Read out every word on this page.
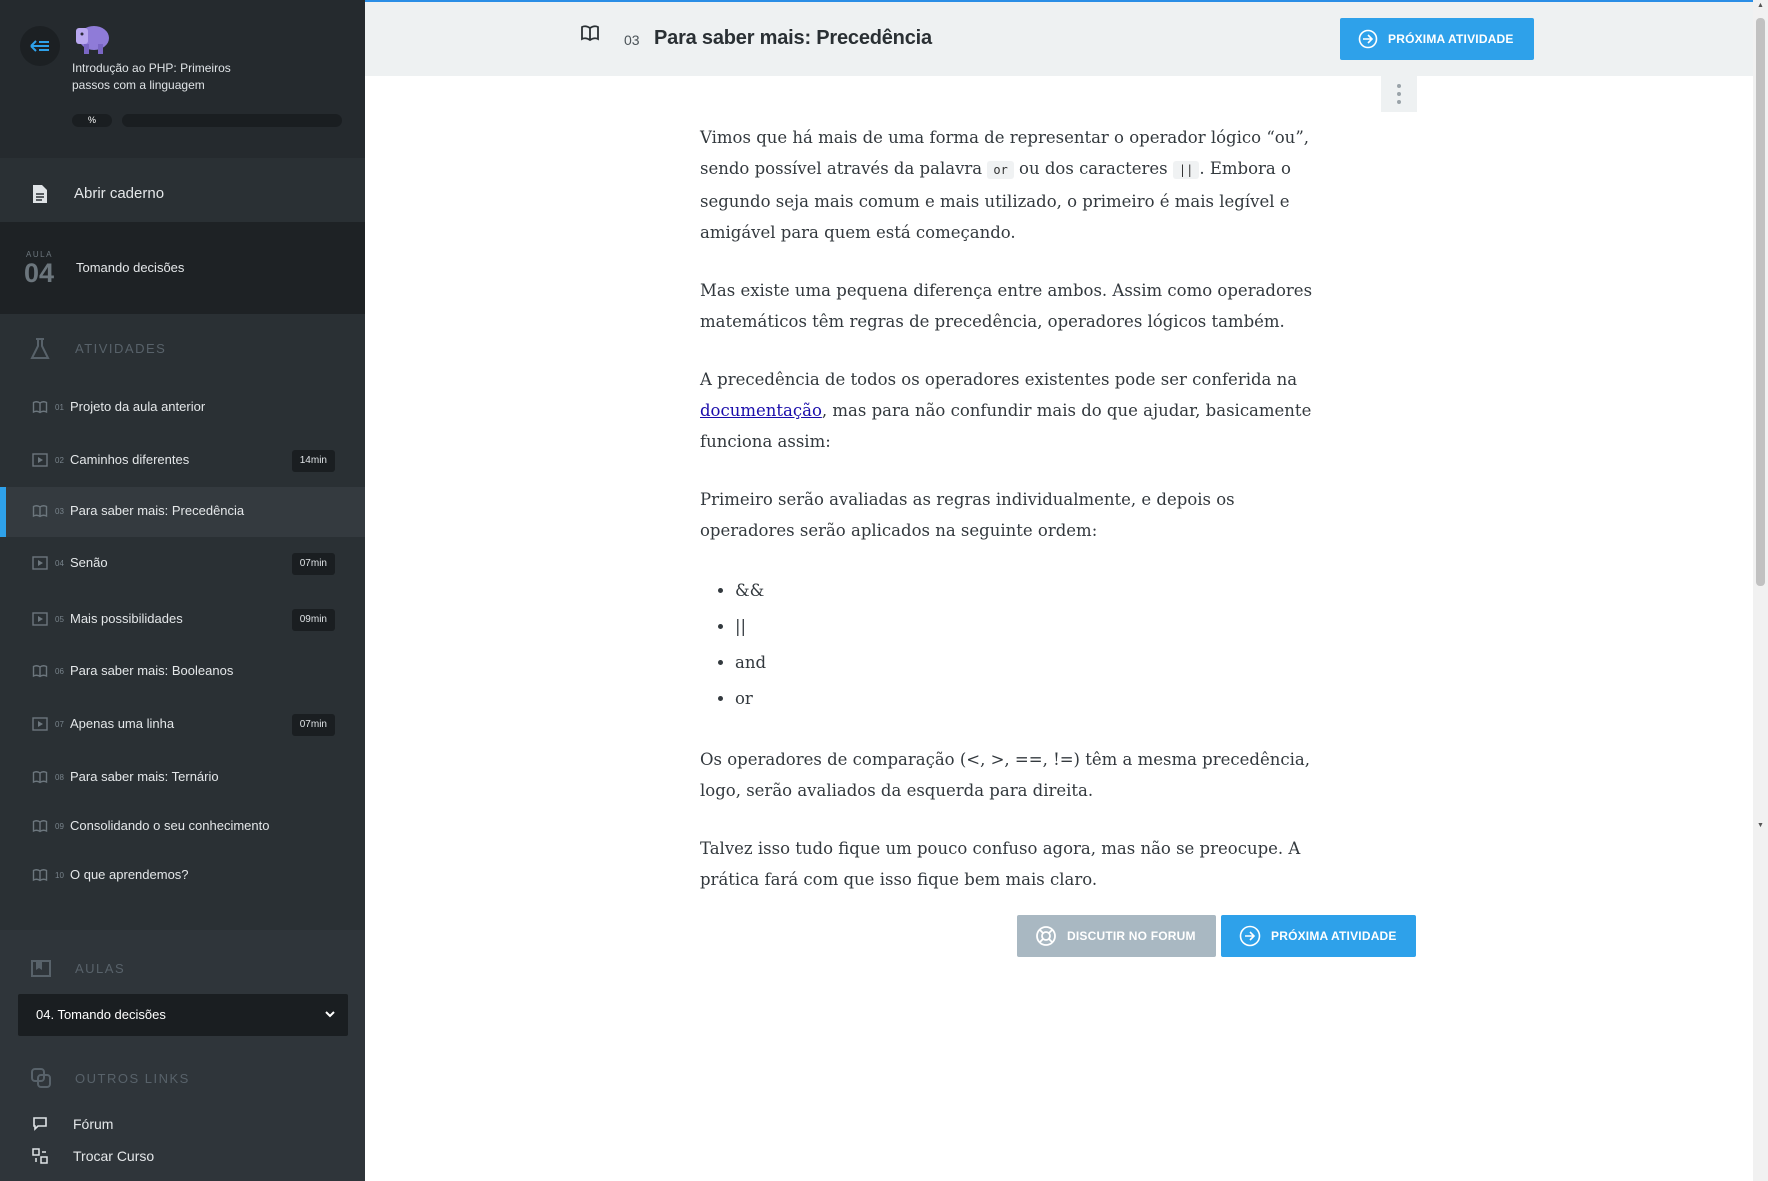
Introdução ao PHP: Primeiros passos com a linguagem
%
Abrir caderno
AULA
04 Tomando decisões
ATIVIDADES
01 Projeto da aula anterior
02 Caminhos diferentes	14min
03 Para saber mais: Precedência
04 Senão	07min
05 Mais possibilidades	09min
06 Para saber mais: Booleanos
07 Apenas uma linha	07min
08 Para saber mais: Ternário
09 Consolidando o seu conhecimento
10 O que aprendemos?
AULAS
04. Tomando decisões
OUTROS LINKS
Fórum
Trocar Curso
03 Para saber mais: Precedência	PRÓXIMA ATIVIDADE

Vimos que há mais de uma forma de representar o operador lógico “ou”, sendo possível através da palavra or ou dos caracteres || . Embora o segundo seja mais comum e mais utilizado, o primeiro é mais legível e amigável para quem está começando.

Mas existe uma pequena diferença entre ambos. Assim como operadores matemáticos têm regras de precedência, operadores lógicos também.

A precedência de todos os operadores existentes pode ser conferida na documentação, mas para não confundir mais do que ajudar, basicamente funciona assim:

Primeiro serão avaliadas as regras individualmente, e depois os operadores serão aplicados na seguinte ordem:

• &&
• ||
• and
• or

Os operadores de comparação (<, >, ==, !=) têm a mesma precedência, logo, serão avaliados da esquerda para direita.

Talvez isso tudo fique um pouco confuso agora, mas não se preocupe. A prática fará com que isso fique bem mais claro.

DISCUTIR NO FORUM	PRÓXIMA ATIVIDADE
▲
▼
